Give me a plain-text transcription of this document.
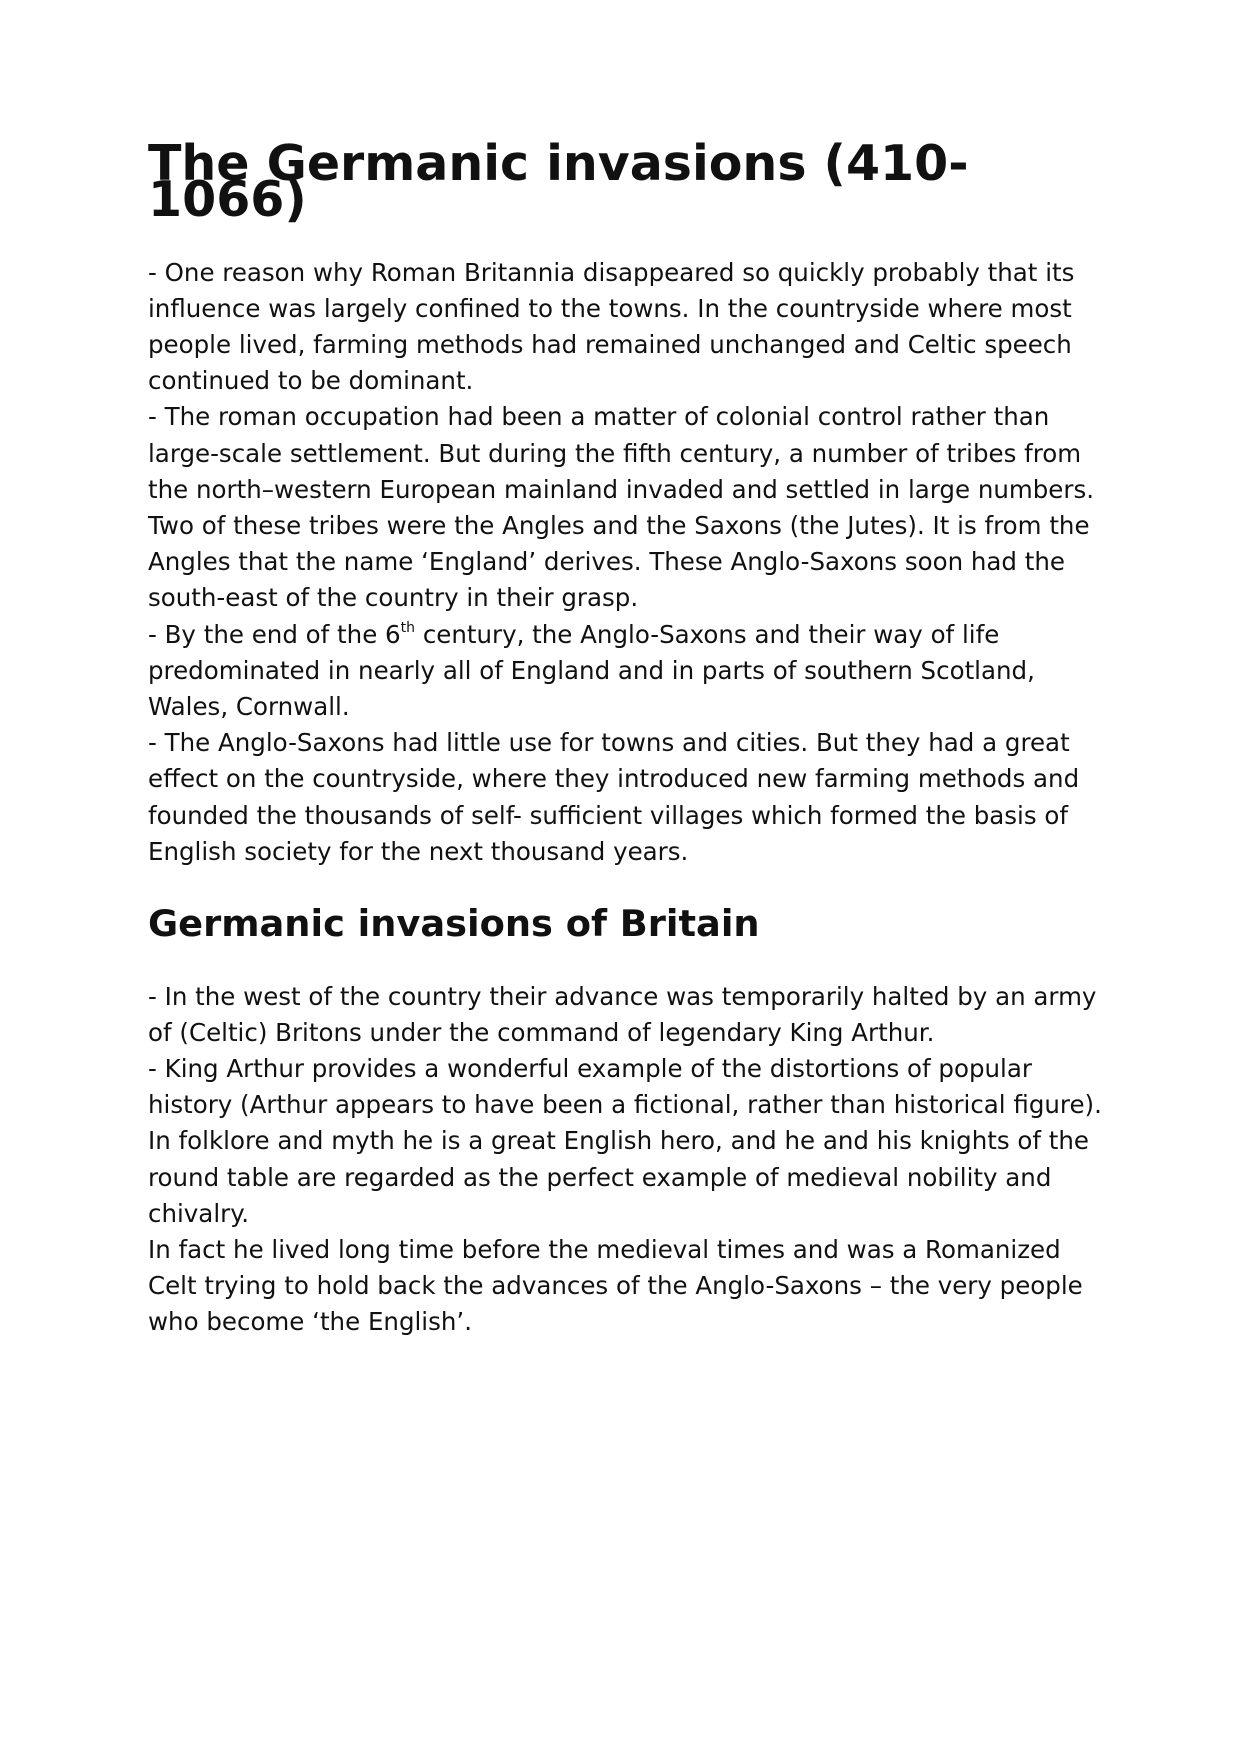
The Germanic invasions (410-1066)

- One reason why Roman Britannia disappeared so quickly probably that its influence was largely confined to the towns. In the countryside where most people lived, farming methods had remained unchanged and Celtic speech continued to be dominant.

- The roman occupation had been a matter of colonial control rather than large-scale settlement. But during the fifth century, a number of tribes from the north–western European mainland invaded and settled in large numbers. Two of these tribes were the Angles and the Saxons (the Jutes). It is from the Angles that the name ‘England’ derives. These Anglo-Saxons soon had the south-east of the country in their grasp.

- By the end of the 6th century, the Anglo-Saxons and their way of life predominated in nearly all of England and in parts of southern Scotland, Wales, Cornwall.

- The Anglo-Saxons had little use for towns and cities. But they had a great effect on the countryside, where they introduced new farming methods and founded the thousands of self- sufficient villages which formed the basis of English society for the next thousand years.

Germanic invasions of Britain

- In the west of the country their advance was temporarily halted by an army of (Celtic) Britons under the command of legendary King Arthur.

- King Arthur provides a wonderful example of the distortions of popular history (Arthur appears to have been a fictional, rather than historical figure). In folklore and myth he is a great English hero, and he and his knights of the round table are regarded as the perfect example of medieval nobility and chivalry.

In fact he lived long time before the medieval times and was a Romanized Celt trying to hold back the advances of the Anglo-Saxons – the very people who become ‘the English’.
